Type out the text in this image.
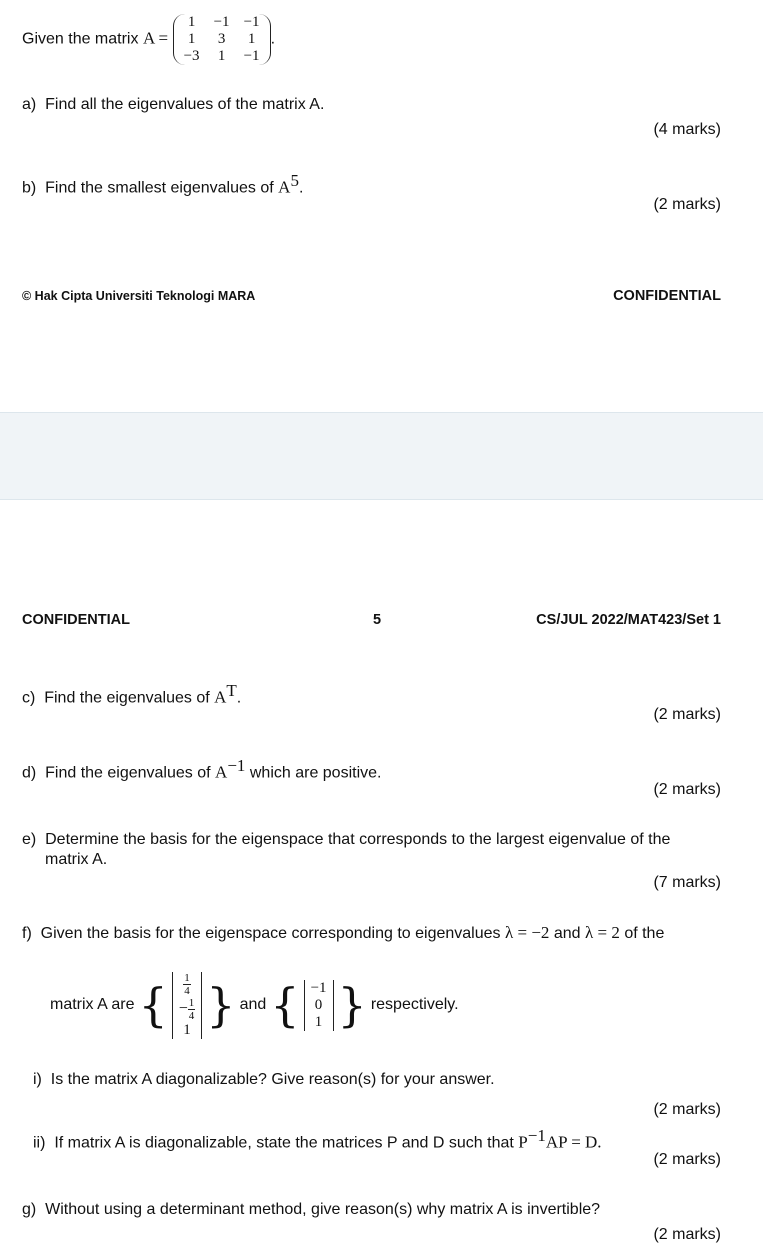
Given the matrix A =
1	−1 −1
1	3	1
−3	1	−1
.
a) Find all the eigenvalues of the matrix A.
(4 marks)
b) Find the smallest eigenvalues of $A^5$.
(2 marks)
© Hak Cipta Universiti Teknologi MARA	CONFIDENTIAL
CONFIDENTIAL	5	CS/JUL 2022/MAT423/Set 1
c) Find the eigenvalues of $A^T$.
(2 marks)
d) Find the eigenvalues of $A^{-1}$ which are positive.
(2 marks)
e) Determine the basis for the eigenspace that corresponds to the largest eigenvalue of the
matrix A.
(7 marks)
f) Given the basis for the eigenspace corresponding to eigenvalues λ = −2 and λ = 2 of the
matrix A are { $\frac{1}{4}$
− $\frac{1}{4}$
1 } and { −1
0
1 } respectively.
i) Is the matrix A diagonalizable? Give reason(s) for your answer.
(2 marks)
ii) If matrix A is diagonalizable, state the matrices P and D such that $P^{-1}AP = D$.
(2 marks)
g) Without using a determinant method, give reason(s) why matrix A is invertible?
(2 marks)
